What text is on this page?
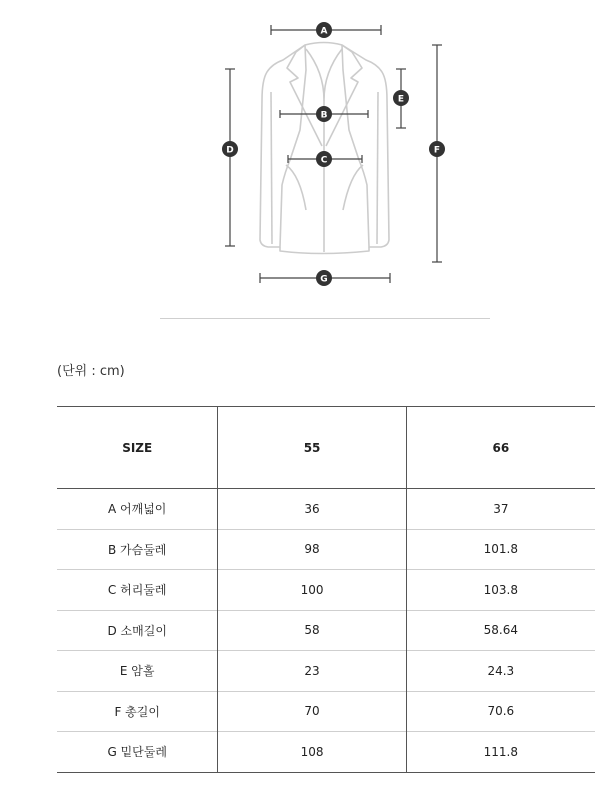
A
B
C
D
E
F
G
(단위 : cm)
SIZE	55	66
A 어깨넓이	36	37
B 가슴둘레	98	101.8
C 허리둘레	100	103.8
D 소매길이	58	58.64
E 암홀	23	24.3
F 총길이	70	70.6
G 밑단둘레	108	111.8
